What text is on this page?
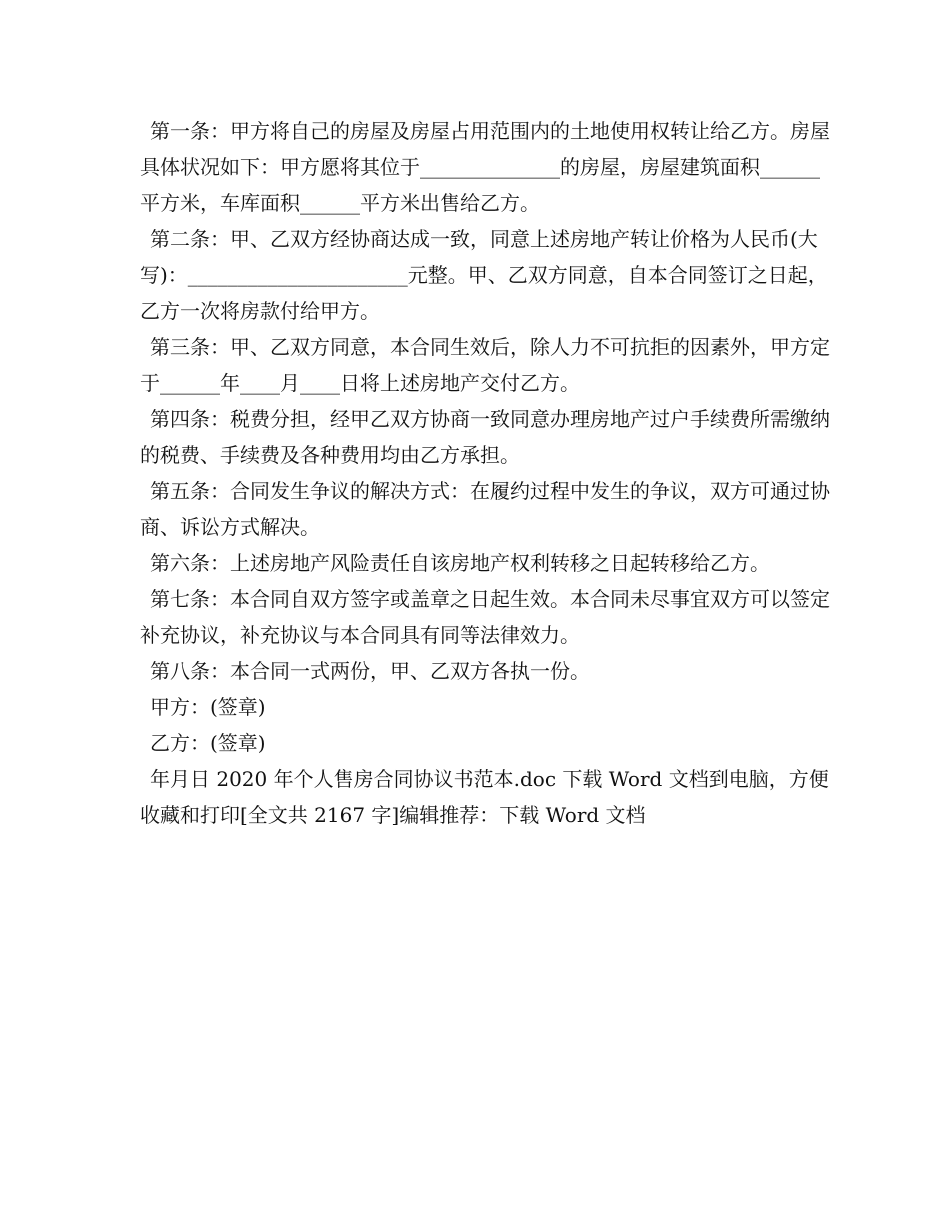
第一条：甲方将自己的房屋及房屋占用范围内的土地使用权转让给乙方。房屋具体状况如下：甲方愿将其位于______________的房屋，房屋建筑面积______平方米，车库面积______平方米出售给乙方。

第二条：甲、乙双方经协商达成一致，同意上述房地产转让价格为人民币(大写)：______________________元整。甲、乙双方同意，自本合同签订之日起，乙方一次将房款付给甲方。

第三条：甲、乙双方同意，本合同生效后，除人力不可抗拒的因素外，甲方定于______年____月____日将上述房地产交付乙方。

第四条：税费分担，经甲乙双方协商一致同意办理房地产过户手续费所需缴纳的税费、手续费及各种费用均由乙方承担。

第五条：合同发生争议的解决方式：在履约过程中发生的争议，双方可通过协商、诉讼方式解决。

第六条：上述房地产风险责任自该房地产权利转移之日起转移给乙方。

第七条：本合同自双方签字或盖章之日起生效。本合同未尽事宜双方可以签定补充协议，补充协议与本合同具有同等法律效力。

第八条：本合同一式两份，甲、乙双方各执一份。

甲方：(签章)

乙方：(签章)

年月日 2020 年个人售房合同协议书范本.doc 下载 Word 文档到电脑，方便收藏和打印[全文共 2167 字]编辑推荐：下载 Word 文档
